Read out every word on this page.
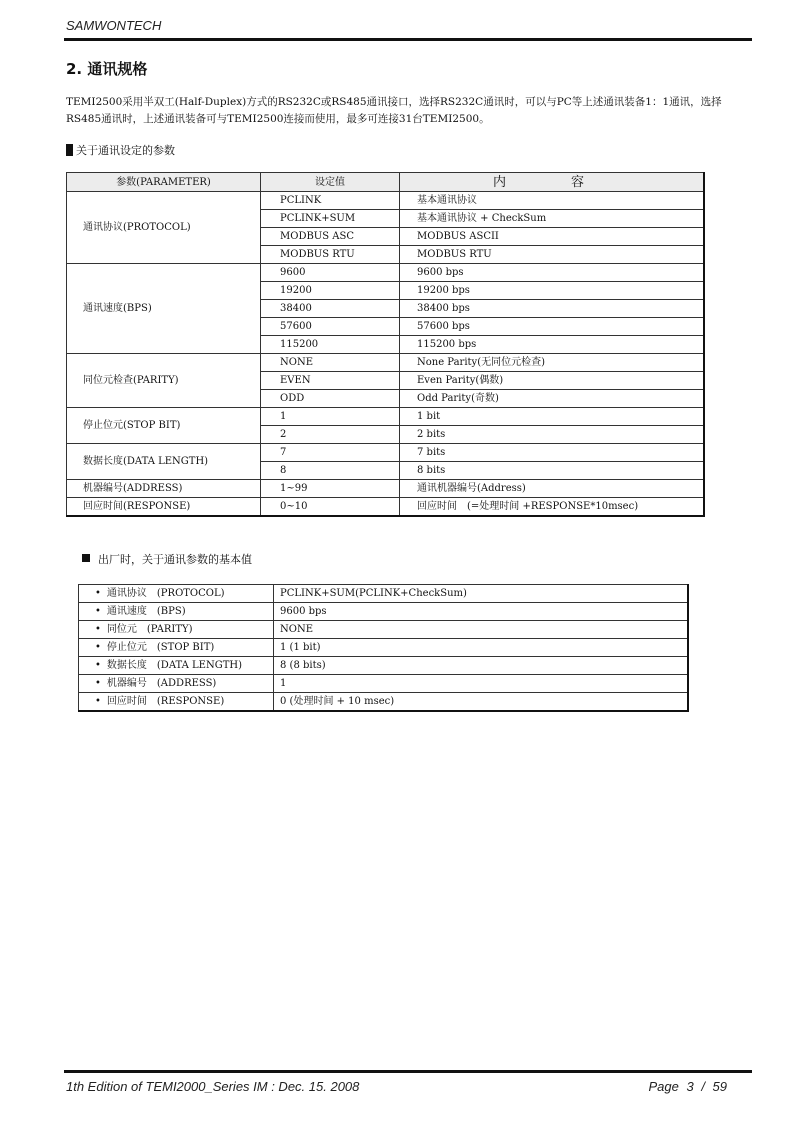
SAMWONTECH
2. 通讯规格
TEMI2500采用半双工(Half-Duplex)方式的RS232C或RS485通讯接口，选择RS232C通讯时，可以与PC等上述通讯装备1：1通讯，选择RS485通讯时，上述通讯装备可与TEMI2500连接而使用，最多可连接31台TEMI2500。
关于通讯设定的参数
参数(PARAMETER)	设定值	内　容
通讯协议(PROTOCOL)	PCLINK	基本通讯协议
	PCLINK+SUM	基本通讯协议 + CheckSum
	MODBUS ASC	MODBUS ASCII
	MODBUS RTU	MODBUS RTU
通讯速度(BPS)	9600	9600 bps
	19200	19200 bps
	38400	38400 bps
	57600	57600 bps
	115200	115200 bps
同位元检查(PARITY)	NONE	None Parity(无同位元检查)
	EVEN	Even Parity(偶数)
	ODD	Odd Parity(奇数)
停止位元(STOP BIT)	1	1 bit
	2	2 bits
数据长度(DATA LENGTH)	7	7 bits
	8	8 bits
机器编号(ADDRESS)	1~99	通讯机器编号(Address)
回应时间(RESPONSE)	0~10	回应时间　(=处理时间 +RESPONSE*10msec)
出厂时，关于通讯参数的基本值
• 通讯协议　(PROTOCOL)	PCLINK+SUM(PCLINK+CheckSum)
• 通讯速度　(BPS)	9600 bps
• 同位元　(PARITY)	NONE
• 停止位元　(STOP BIT)	1 (1 bit)
• 数据长度　(DATA LENGTH)	8 (8 bits)
• 机器编号　(ADDRESS)	1
• 回应时间　(RESPONSE)	0 (处理时间 + 10 msec)
1th Edition of TEMI2000_Series IM : Dec. 15. 2008	Page 3 / 59
